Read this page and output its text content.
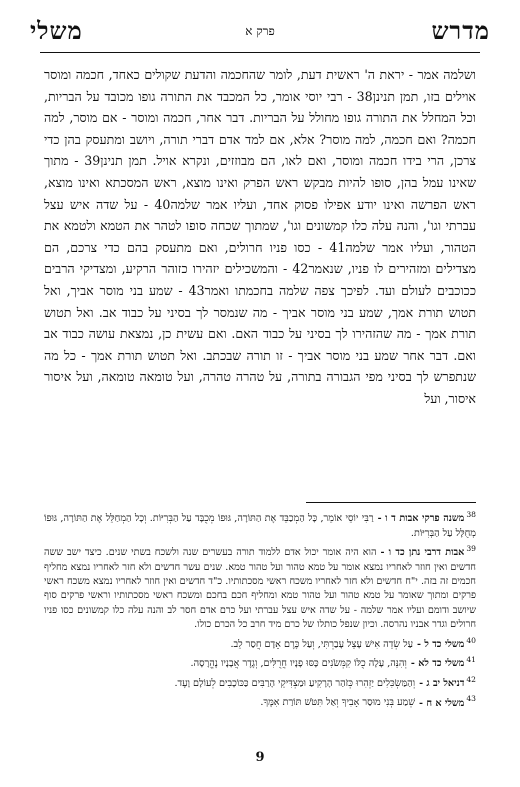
מדרש
פרק א
משלי

ושלמה אמר - יראת ה' ראשית דעת, לומר שהחכמה והדעת שקולים כאחד, חכמה ומוסר אוילים בזו, תמן תנינן38 - רבי יוסי אומר, כל המכבד את התורה גופו מכובד על הבריות, וכל המחלל את התורה גופו מחולל על הבריות. דבר אחר, חכמה ומוסר - אם מוסר, למה חכמה? ואם חכמה, למה מוסר? אלא, אם למד אדם דברי תורה, ויושב ומתעסק בהן כדי צרכן, הרי בידו חכמה ומוסר, ואם לאו, הם מבוזזים, ונקרא אויל. תמן תנינן39 - מתוך שאינו עמל בהן, סופו להיות מבקש ראש הפרק ואינו מוצא, ראש המסכתא ואינו מוצא, ראש הפרשה ואינו יודע אפילו פסוק אחד, ועליו אמר שלמה40 - על שדה איש עצל עברתי וגו', והנה עלה כלו קמשונים וגו', שמתוך שכחה סופו לטהר את הטמא ולטמא את הטהור, ועליו אמר שלמה41 - כסו פניו חרולים, ואם מתעסק בהם כדי צרכם, הם מצדילים ומזהירים לו פניו, שנאמר42 - והמשכילים יזהירו כזוהר הרקיע, ומצדיקי הרבים ככוכבים לעולם ועד. לפיכך צפה שלמה בחכמתו ואמר43 - שמע בני מוסר אביך, ואל תטוש תורת אמך, שמע בני מוסר אביך - מה שנמסר לך בסיני על כבוד אב. ואל תטוש תורת אמך - מה שהזהירו לך בסיני על כבוד האם. ואם עשית כן, נמצאת עושה כבוד אב ואם. דבר אחר שמע בני מוסר אביך - זו תורה שבכתב. ואל תטוש תורת אמך - כל מה שנתפרש לך בסיני מפי הגבורה בתורה, על טהרה טהרה, ועל טומאה טומאה, ועל איסור איסור, ועל

$^{38}$משנה פרקי אבות ד ו -רַבִּי יוֹסֵי אוֹמֵר, כָּל הַמְכַבֵּד אֶת הַתּוֹרָה, גּוּפוֹ מְכֻבָּד עַל הַבְּרִיּוֹת. וְכָל הַמְחַלֵּל אֶת הַתּוֹרָה, גּוּפוֹ מְחֻלָּל עַל הַבְּרִיּוֹת.

$^{39}$אבות דרבי נתן כד ו -הוא היה אומר יכול אדם ללמוד תורה בעשרים שנה ולשכח בשתי שנים. כיצד ישב ששה חדשים ואין חוזר לאחריו נמצא אומר על טמא טהור ועל טהור טמא. שנים עשר חדשים ולא חזר לאחריו נמצא מחליף חכמים זה בזה. י"ח חדשים ולא חזר לאחריו משכח ראשי מסכתותיו. כ"ד חדשים ואין חוזר לאחריו נמצא משכח ראשי פרקים ומתוך שאומר על טמא טהור ועל טהור טמא ומחליף חכם בחכם ומשכח ראשי מסכתותיו וראשי פרקים סוף שיושב ודומם ועליו אמר שלמה - על שדה איש עצל עברתי ועל כרם אדם חסר לב והנה עלה כלו קמשונים כסו פניו חרולים וגדר אבניו נהרסה. וכיון שנפל כותלו של כרם מיד חרב כל הכרם כולו.

$^{40}$משלי כד ל -עַל שְׂדֵה אִישׁ עָצֵל עָבַרְתִּי, וְעַל כֶּרֶם אָדָם חֲסַר לֵב.

$^{41}$משלי כד לא -וְהִנֵּה, עָלָה כֻלּוֹ קִמְּשֹׂנִים כָּסּוּ פָנָיו חֲרֻלִּים, וְגֶדֶר אֲבָנָיו נֶהֱרָסָה.

$^{42}$דניאל יב ג -וְהַמַּשְׂכִּלִים יַזְהִרוּ כְּזֹהַר הָרָקִיעַ וּמַצְדִּיקֵי הָרַבִּים כַּכּוֹכָבִים לְעוֹלָם וָעֶד.

$^{43}$משלי א ח -שְׁמַע בְּנִי מוּסַר אָבִיךָ וְאַל תִּטֹּשׁ תּוֹרַת אִמֶּךָ.

9
